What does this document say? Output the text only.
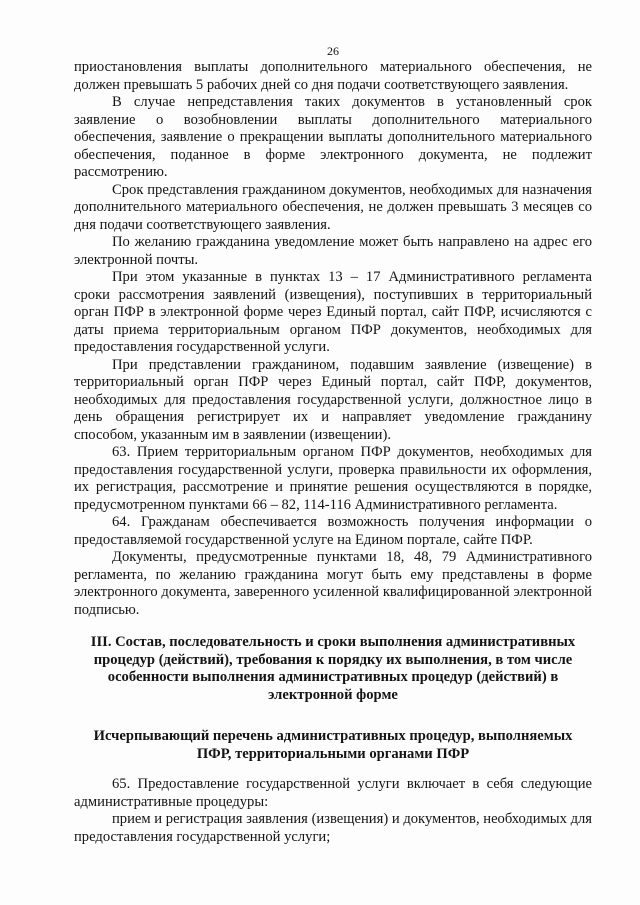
26

приостановления выплаты дополнительного материального обеспечения, не должен превышать 5 рабочих дней со дня подачи соответствующего заявления.

В случае непредставления таких документов в установленный срок заявление о возобновлении выплаты дополнительного материального обеспечения, заявление о прекращении выплаты дополнительного материального обеспечения, поданное в форме электронного документа, не подлежит рассмотрению.

Срок представления гражданином документов, необходимых для назначения дополнительного материального обеспечения, не должен превышать 3 месяцев со дня подачи соответствующего заявления.

По желанию гражданина уведомление может быть направлено на адрес его электронной почты.

При этом указанные в пунктах 13 – 17 Административного регламента сроки рассмотрения заявлений (извещения), поступивших в территориальный орган ПФР в электронной форме через Единый портал, сайт ПФР, исчисляются с даты приема территориальным органом ПФР документов, необходимых для предоставления государственной услуги.

При представлении гражданином, подавшим заявление (извещение) в территориальный орган ПФР через Единый портал, сайт ПФР, документов, необходимых для предоставления государственной услуги, должностное лицо в день обращения регистрирует их и направляет уведомление гражданину способом, указанным им в заявлении (извещении).

63. Прием территориальным органом ПФР документов, необходимых для предоставления государственной услуги, проверка правильности их оформления, их регистрация, рассмотрение и принятие решения осуществляются в порядке, предусмотренном пунктами 66 – 82, 114-116 Административного регламента.

64. Гражданам обеспечивается возможность получения информации о предоставляемой государственной услуге на Едином портале, сайте ПФР.

Документы, предусмотренные пунктами 18, 48, 79 Административного регламента, по желанию гражданина могут быть ему представлены в форме электронного документа, заверенного усиленной квалифицированной электронной подписью.

III. Состав, последовательность и сроки выполнения административных процедур (действий), требования к порядку их выполнения, в том числе особенности выполнения административных процедур (действий) в электронной форме
Исчерпывающий перечень административных процедур, выполняемых ПФР, территориальными органами ПФР

65. Предоставление государственной услуги включает в себя следующие административные процедуры:

прием и регистрация заявления (извещения) и документов, необходимых для предоставления государственной услуги;
